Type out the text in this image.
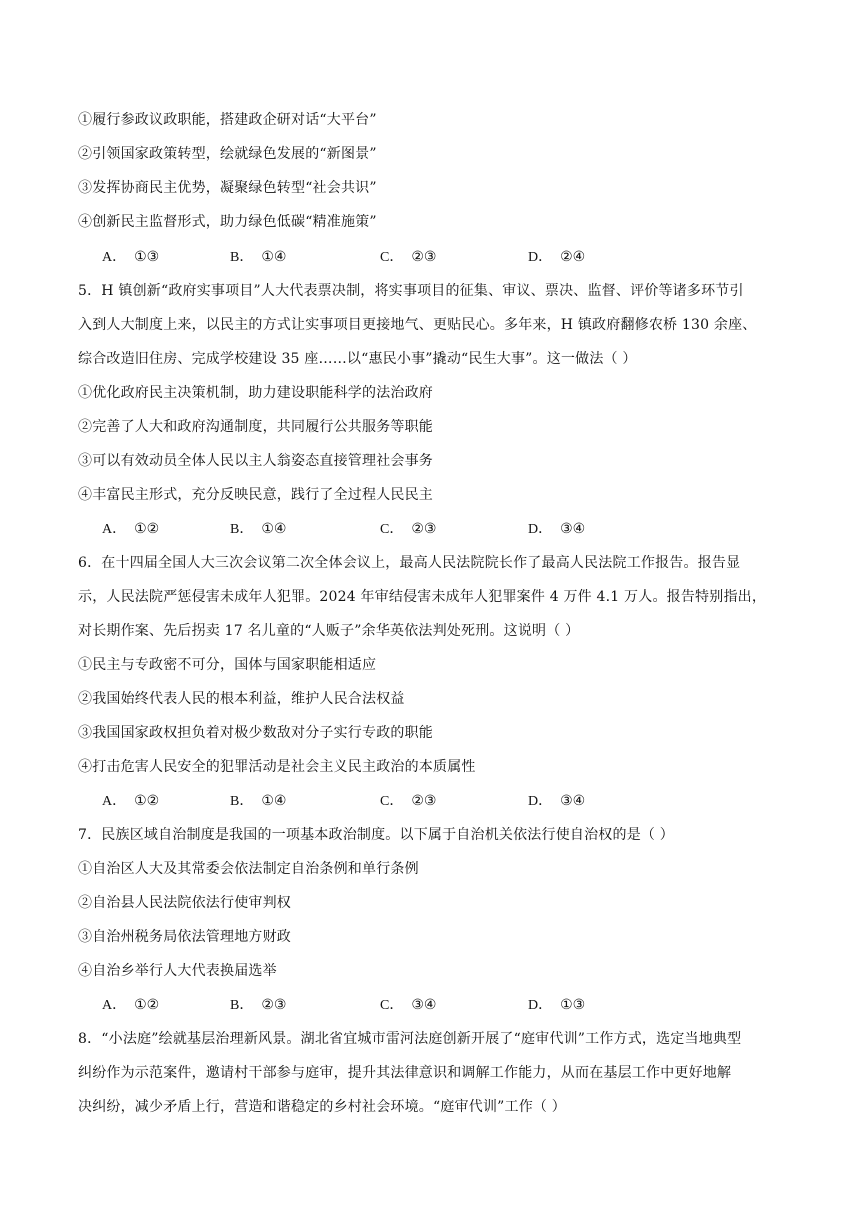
①履行参政议政职能，搭建政企研对话“大平台”
②引领国家政策转型，绘就绿色发展的“新图景”
③发挥协商民主优势，凝聚绿色转型“社会共识”
④创新民主监督形式，助力绿色低碳“精准施策”
A． ①③	B． ①④	C． ②③	D． ②④
5．H 镇创新“政府实事项目”人大代表票决制，将实事项目的征集、审议、票决、监督、评价等诸多环节引
入到人大制度上来，以民主的方式让实事项目更接地气、更贴民心。多年来，H 镇政府翻修农桥 130 余座、
综合改造旧住房、完成学校建设 35 座……以“惠民小事”撬动“民生大事”。这一做法（ ）
①优化政府民主决策机制，助力建设职能科学的法治政府
②完善了人大和政府沟通制度，共同履行公共服务等职能
③可以有效动员全体人民以主人翁姿态直接管理社会事务
④丰富民主形式，充分反映民意，践行了全过程人民民主
A． ①②	B． ①④	C． ②③	D． ③④
6．在十四届全国人大三次会议第二次全体会议上，最高人民法院院长作了最高人民法院工作报告。报告显
示，人民法院严惩侵害未成年人犯罪。2024 年审结侵害未成年人犯罪案件 4 万件 4.1 万人。报告特别指出，
对长期作案、先后拐卖 17 名儿童的“人贩子”余华英依法判处死刑。这说明（ ）
①民主与专政密不可分，国体与国家职能相适应
②我国始终代表人民的根本利益，维护人民合法权益
③我国国家政权担负着对极少数敌对分子实行专政的职能
④打击危害人民安全的犯罪活动是社会主义民主政治的本质属性
A． ①②	B． ①④	C． ②③	D． ③④
7．民族区域自治制度是我国的一项基本政治制度。以下属于自治机关依法行使自治权的是（ ）
①自治区人大及其常委会依法制定自治条例和单行条例
②自治县人民法院依法行使审判权
③自治州税务局依法管理地方财政
④自治乡举行人大代表换届选举
A． ①②	B． ②③	C． ③④	D． ①③
8．“小法庭”绘就基层治理新风景。湖北省宜城市雷河法庭创新开展了“庭审代训”工作方式，选定当地典型
纠纷作为示范案件，邀请村干部参与庭审，提升其法律意识和调解工作能力，从而在基层工作中更好地解
决纠纷，减少矛盾上行，营造和谐稳定的乡村社会环境。“庭审代训”工作（ ）
